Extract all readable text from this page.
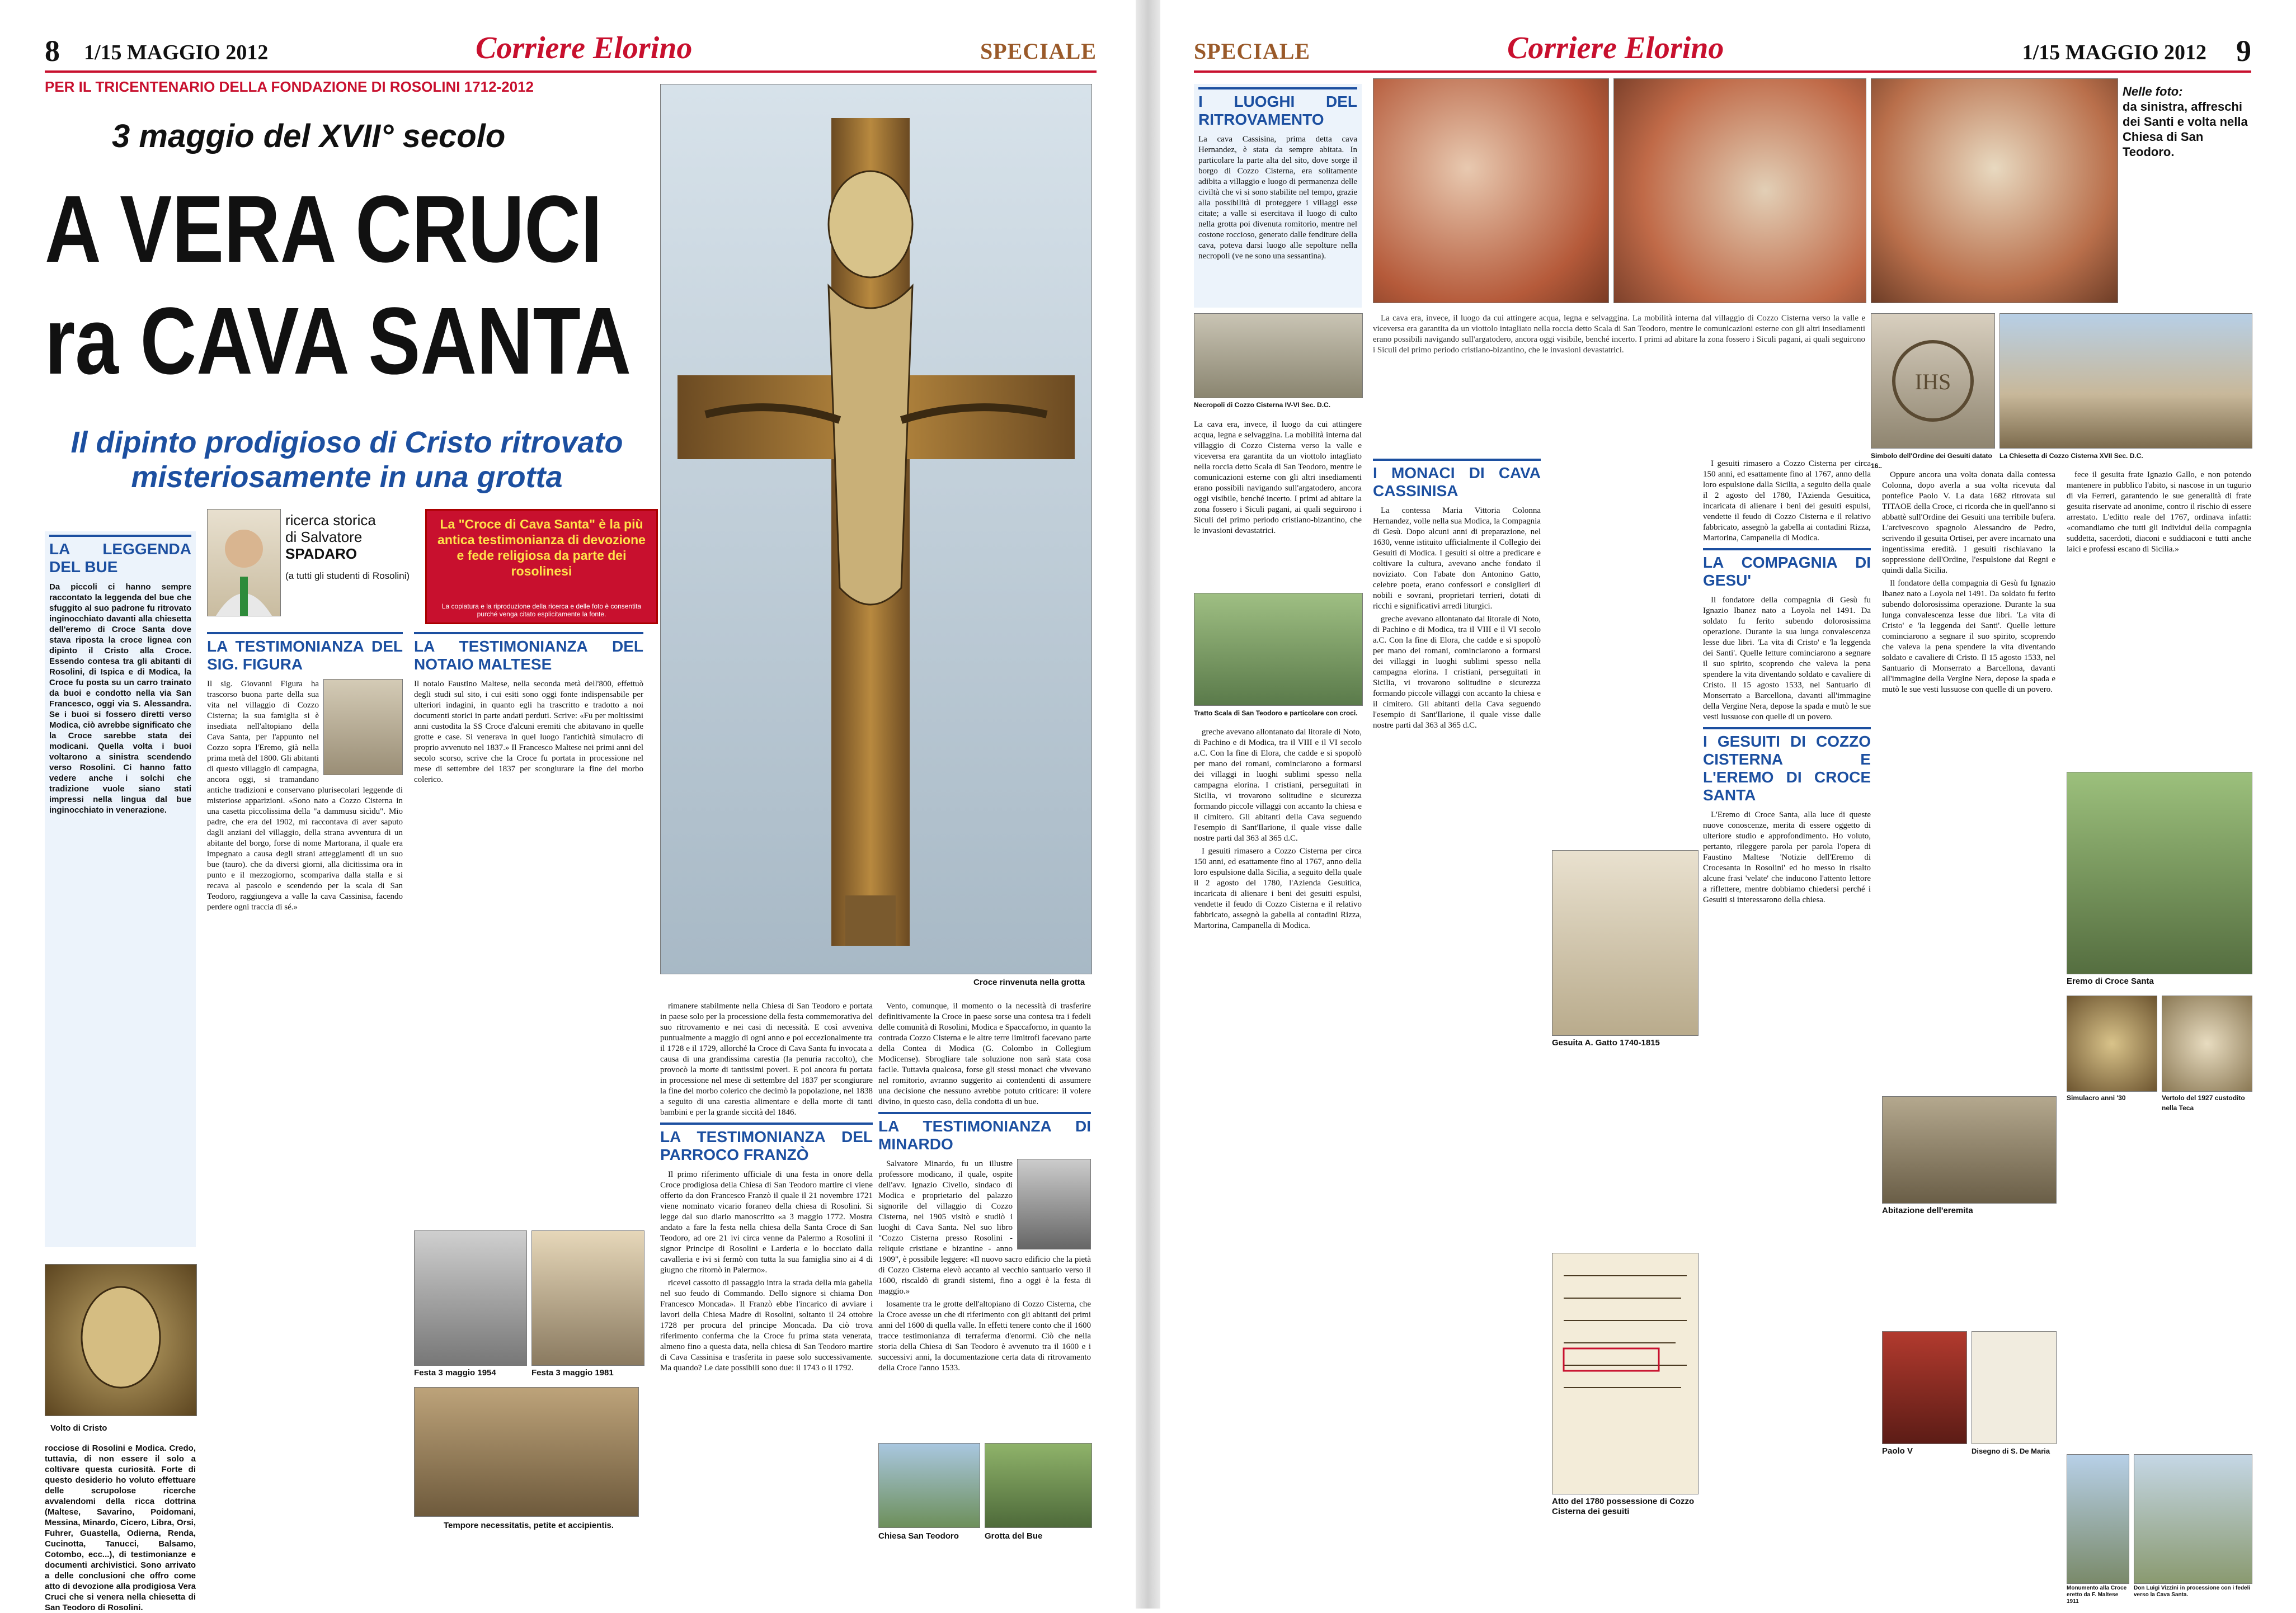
8 1/15 MAGGIO 2012	Corriere Elorino	SPECIALE
PER IL TRICENTENARIO DELLA FONDAZIONE DI ROSOLINI 1712-2012
3 maggio del XVII° secolo
A VERA CRUCI
ra CAVA SANTA
Il dipinto prodigioso di Cristo ritrovato
misteriosamente in una grotta
Croce rinvenuta nella grotta
ricerca storica
di Salvatore
SPADARO
(a tutti gli studenti di Rosolini)
La "Croce di Cava Santa" è la più antica testimonianza di devozione e fede religiosa da parte dei rosolinesi
La copiatura e la riproduzione della ricerca e delle foto è consentita purché venga citato esplicitamente la fonte.
LA LEGGENDA DEL BUE
Da piccoli ci hanno sempre raccontato la leggenda del bue che sfuggito al suo padrone fu ritrovato inginocchiato davanti alla chiesetta dell'eremo di Croce Santa dove stava riposta la croce lignea con dipinto il Cristo alla Croce. Essendo contesa tra gli abitanti di Rosolini, di Ispica e di Modica, la Croce fu posta su un carro trainato da buoi e condotto nella via San Francesco, oggi via S. Alessandra. Se i buoi si fossero diretti verso Modica, ciò avrebbe significato che la Croce sarebbe stata dei modicani. Quella volta i buoi voltarono a sinistra scendendo verso Rosolini. Ci hanno fatto vedere anche i solchi che tradizione vuole siano stati impressi nella lingua dal bue inginocchiato in venerazione.
Volto di Cristo
rocciose di Rosolini e Modica. Credo, tuttavia, di non essere il solo a coltivare questa curiosità. Forte di questo desiderio ho voluto effettuare delle scrupolose ricerche avvalendomi della ricca dottrina (Maltese, Savarino, Poidomani, Messina, Minardo, Cicero, Libra, Orsi, Fuhrer, Guastella, Odierna, Renda, Cucinotta, Tanucci, Balsamo, Cotombo, ecc...), di testimonianze e documenti archivistici. Sono arrivato a delle conclusioni che offro come atto di devozione alla prodigiosa Vera Cruci che si venera nella chiesetta di San Teodoro di Rosolini.
LA TESTIMONIANZA DEL SIG. FIGURA
Il sig. Giovanni Figura ha trascorso buona parte della sua vita nel villaggio di Cozzo Cisterna; la sua famiglia si è insediata nell'altopiano della Cava Santa, per l'appunto nel Cozzo sopra l'Eremo, già nella prima metà del 1800. Gli abitanti di questo villaggio di campagna, ancora oggi, si tramandano antiche tradizioni e conservano plurisecolari leggende di misteriose apparizioni. «Sono nato a Cozzo Cisterna in una casetta piccolissima della "a dammusu sicìdu". Mio padre, che era del 1902, mi raccontava di aver saputo dagli anziani del villaggio, della strana avventura di un abitante del borgo, forse di nome Martorana, il quale era impegnato a causa degli strani atteggiamenti di un suo bue (tauro). che da diversi giorni, alla dicitissima ora in punto e il mezzogiorno, scompariva dalla stalla e si recava al pascolo e scendendo per la scala di San Teodoro, raggiungeva a valle la cava Cassinisa, facendo perdere ogni traccia di sé.»
LA TESTIMONIANZA DEL NOTAIO MALTESE
Il notaio Faustino Maltese, nella seconda metà dell'800, effettuò degli studi sul sito, i cui esiti sono oggi fonte indispensabile per ulteriori indagini, in quanto egli ha trascritto e tradotto a noi documenti storici in parte andati perduti. Scrive: «Fu per moltissimi anni custodita la SS Croce d'alcuni eremiti che abitavano in quelle grotte e case. Si venerava in quel luogo l'antichità simulacro di proprio avvenuto nel 1837.» Il Francesco Maltese nei primi anni del secolo scorso, scrive che la Croce fu portata in processione nel mese di settembre del 1837 per scongiurare la fine del morbo colerico.
Festa 3 maggio 1954	Festa 3 maggio 1981
Tempore necessitatis, petite et accipientis.

rimanere stabilmente nella Chiesa di San Teodoro e portata in paese solo per la processione della festa commemorativa del suo ritrovamento e nei casi di necessità. E così avveniva puntualmente a maggio di ogni anno e poi eccezionalmente tra il 1728 e il 1729, allorché la Croce di Cava Santa fu invocata a causa di una grandissima carestia (la penuria raccolto), che provocò la morte di tantissimi poveri. E poi ancora fu portata in processione nel mese di settembre del 1837 per scongiurare la fine del morbo colerico che decimò la popolazione, nel 1838 a seguito di una carestia alimentare e della morte di tanti bambini e per la grande siccità del 1846.

LA TESTIMONIANZA DEL PARROCO FRANZÒ

Il primo riferimento ufficiale di una festa in onore della Croce prodigiosa della Chiesa di San Teodoro martire ci viene offerto da don Francesco Franzò il quale il 21 novembre 1721 viene nominato vicario foraneo della chiesa di Rosolini. Si legge dal suo diario manoscritto «a 3 maggio 1772. Mostra andato a fare la festa nella chiesa della Santa Croce di San Teodoro, ad ore 21 ivi circa venne da Palermo a Rosolini il signor Principe di Rosolini e Larderia e lo bocciato dalla cavalleria e ivi si fermò con tutta la sua famiglia sino ai 4 di giugno che ritornò in Palermo».

ricevei cassotto di passaggio intra la strada della mia gabella nel suo feudo di Commando. Dello signore si chiama Don Francesco Moncada». Il Franzò ebbe l'incarico di avviare i lavori della Chiesa Madre di Rosolini, soltanto il 24 ottobre 1728 per procura del principe Moncada. Da ciò trova riferimento conferma che la Croce fu prima stata venerata, almeno fino a questa data, nella chiesa di San Teodoro martire di Cava Cassinisa e trasferita in paese solo successivamente. Ma quando? Le date possibili sono due: il 1743 o il 1792.

Vento, comunque, il momento o la necessità di trasferire definitivamente la Croce in paese sorse una contesa tra i fedeli delle comunità di Rosolini, Modica e Spaccaforno, in quanto la contrada Cozzo Cisterna e le altre terre limitrofi facevano parte della Contea di Modica (G. Colombo in Collegium Modicense). Sbrogliare tale soluzione non sarà stata cosa facile. Tuttavia qualcosa, forse gli stessi monaci che vivevano nel romitorio, avranno suggerito ai contendenti di assumere una decisione che nessuno avrebbe potuto criticare: il volere divino, in questo caso, della condotta di un bue.

LA TESTIMONIANZA DI MINARDO

Salvatore Minardo, fu un illustre professore modicano, il quale, ospite dell'avv. Ignazio Civello, sindaco di Modica e proprietario del palazzo signorile del villaggio di Cozzo Cisterna, nel 1905 visitò e studiò i luoghi di Cava Santa. Nel suo libro "Cozzo Cisterna presso Rosolini - reliquie cristiane e bizantine - anno 1909", è possibile leggere: «Il nuovo sacro edificio che la pietà di Cozzo Cisterna elevò accanto al vecchio santuario verso il 1600, riscaldò di grandi sistemi, fino a oggi è la festa di maggio.»

losamente tra le grotte dell'altopiano di Cozzo Cisterna, che la Croce avesse un che di riferimento con gli abitanti dei primi anni del 1600 di quella valle. In effetti tenere conto che il 1600 tracce testimonianza di terraferma d'enormi. Ciò che nella storia della Chiesa di San Teodoro è avvenuto tra il 1600 e i successivi anni, la documentazione certa data di ritrovamento della Croce l'anno 1533.

Chiesa San Teodoro	Grotta del Bue
SPECIALE	Corriere Elorino	1/15 MAGGIO 2012 9
Nelle foto:
da sinistra, affreschi dei Santi e volta nella Chiesa di San Teodoro.
I LUOGHI DEL RITROVAMENTO
La cava Cassisina, prima detta cava Hernandez, è stata da sempre abitata. In particolare la parte alta del sito, dove sorge il borgo di Cozzo Cisterna, era solitamente adibita a villaggio e luogo di permanenza delle civiltà che vi si sono stabilite nel tempo, grazie alla possibilità di proteggere i villaggi esse citate; a valle si esercitava il luogo di culto nella grotta poi divenuta romitorio, mentre nel costone roccioso, generato dalle fenditure della cava, poteva darsi luogo alle sepolture nella necropoli (ve ne sono una sessantina).
Necropoli di Cozzo Cisterna IV-VI Sec. D.C.
La cava era, invece, il luogo da cui attingere acqua, legna e selvaggina. La mobilità interna dal villaggio di Cozzo Cisterna verso la valle e viceversa era garantita da un viottolo intagliato nella roccia detto Scala di San Teodoro, mentre le comunicazioni esterne con gli altri insediamenti erano possibili navigando sull'argatodero, ancora oggi visibile, benché incerto. I primi ad abitare la zona fossero i Siculi pagani, ai quali seguirono i Siculi del primo periodo cristiano-bizantino, che le invasioni devastatrici.
Tratto Scala di San Teodoro e particolare con croci.

La cava era, invece, il luogo da cui attingere acqua, legna e selvaggina. La mobilità interna dal villaggio di Cozzo Cisterna verso la valle e viceversa era garantita da un viottolo intagliato nella roccia detto Scala di San Teodoro, mentre le comunicazioni esterne con gli altri insediamenti erano possibili navigando sull'argatodero, ancora oggi visibile, benché incerto. I primi ad abitare la zona fossero i Siculi pagani, ai quali seguirono i Siculi del primo periodo cristiano-bizantino, che le invasioni devastatrici.

IHS
Simbolo dell'Ordine dei Gesuiti datato 16..
La Chiesetta di Cozzo Cisterna XVII Sec. D.C.
I MONACI DI CAVA CASSINISA

La contessa Maria Vittoria Colonna Hernandez, volle nella sua Modica, la Compagnia di Gesù. Dopo alcuni anni di preparazione, nel 1630, venne istituito ufficialmente il Collegio dei Gesuiti di Modica. I gesuiti si oltre a predicare e coltivare la cultura, avevano anche fondato il noviziato. Con l'abate don Antonino Gatto, celebre poeta, erano confessori e consiglieri di nobili e sovrani, proprietari terrieri, dotati di ricchi e significativi arredi liturgici.

greche avevano allontanato dal litorale di Noto, di Pachino e di Modica, tra il VIII e il VI secolo a.C. Con la fine di Elora, che cadde e si spopolò per mano dei romani, cominciarono a formarsi dei villaggi in luoghi sublimi spesso nella campagna elorina. I cristiani, perseguitati in Sicilia, vi trovarono solitudine e sicurezza formando piccole villaggi con accanto la chiesa e il cimitero. Gli abitanti della Cava seguendo l'esempio di Sant'Ilarione, il quale visse dalle nostre parti dal 363 al 365 d.C.

greche avevano allontanato dal litorale di Noto, di Pachino e di Modica, tra il VIII e il VI secolo a.C. Con la fine di Elora, che cadde e si spopolò per mano dei romani, cominciarono a formarsi dei villaggi in luoghi sublimi spesso nella campagna elorina. I cristiani, perseguitati in Sicilia, vi trovarono solitudine e sicurezza formando piccole villaggi con accanto la chiesa e il cimitero. Gli abitanti della Cava seguendo l'esempio di Sant'Ilarione, il quale visse dalle nostre parti dal 363 al 365 d.C.

I gesuiti rimasero a Cozzo Cisterna per circa 150 anni, ed esattamente fino al 1767, anno della loro espulsione dalla Sicilia, a seguito della quale il 2 agosto del 1780, l'Azienda Gesuitica, incaricata di alienare i beni dei gesuiti espulsi, vendette il feudo di Cozzo Cisterna e il relativo fabbricato, assegnò la gabella ai contadini Rizza, Martorina, Campanella di Modica.

Gesuita A. Gatto 1740-1815
Atto del 1780 possessione di Cozzo Cisterna dei gesuiti

I gesuiti rimasero a Cozzo Cisterna per circa 150 anni, ed esattamente fino al 1767, anno della loro espulsione dalla Sicilia, a seguito della quale il 2 agosto del 1780, l'Azienda Gesuitica, incaricata di alienare i beni dei gesuiti espulsi, vendette il feudo di Cozzo Cisterna e il relativo fabbricato, assegnò la gabella ai contadini Rizza, Martorina, Campanella di Modica.

LA COMPAGNIA DI GESU'

Il fondatore della compagnia di Gesù fu Ignazio Ibanez nato a Loyola nel 1491. Da soldato fu ferito subendo dolorosissima operazione. Durante la sua lunga convalescenza lesse due libri. 'La vita di Cristo' e 'la leggenda dei Santi'. Quelle letture cominciarono a segnare il suo spirito, scoprendo che valeva la pena spendere la vita diventando soldato e cavaliere di Cristo. Il 15 agosto 1533, nel Santuario di Monserrato a Barcellona, davanti all'immagine della Vergine Nera, depose la spada e mutò le sue vesti lussuose con quelle di un povero.

I GESUITI DI COZZO CISTERNA E L'EREMO DI CROCE SANTA

L'Eremo di Croce Santa, alla luce di queste nuove conoscenze, merita di essere oggetto di ulteriore studio e approfondimento. Ho voluto, pertanto, rileggere parola per parola l'opera di Faustino Maltese 'Notizie dell'Eremo di Crocesanta in Rosolini' ed ho messo in risalto alcune frasi 'velate' che inducono l'attento lettore a riflettere, mentre dobbiamo chiedersi perché i Gesuiti si interessarono della chiesa.

Oppure ancora una volta donata dalla contessa Colonna, dopo averla a sua volta ricevuta dal pontefice Paolo V. La data 1682 ritrovata sul TITAOE della Croce, ci ricorda che in quell'anno si abbattè sull'Ordine dei Gesuiti una terribile bufera. L'arcivescovo spagnolo Alessandro de Pedro, scrivendo il gesuita Ortisei, per avere incarnato una ingentissima eredità. I gesuiti rischiavano la soppressione dell'Ordine, l'espulsione dai Regni e quindi dalla Sicilia.

Il fondatore della compagnia di Gesù fu Ignazio Ibanez nato a Loyola nel 1491. Da soldato fu ferito subendo dolorosissima operazione. Durante la sua lunga convalescenza lesse due libri. 'La vita di Cristo' e 'la leggenda dei Santi'. Quelle letture cominciarono a segnare il suo spirito, scoprendo che valeva la pena spendere la vita diventando soldato e cavaliere di Cristo. Il 15 agosto 1533, nel Santuario di Monserrato a Barcellona, davanti all'immagine della Vergine Nera, depose la spada e mutò le sue vesti lussuose con quelle di un povero.

Eremo di Croce Santa

fece il gesuita frate Ignazio Gallo, e non potendo mantenere in pubblico l'abito, si nascose in un tugurio di via Ferreri, garantendo le sue generalità di frate gesuita riservate ad anonime, contro il rischio di essere arrestato. L'editto reale del 1767, ordinava infatti: «comandiamo che tutti gli individui della compagnia suddetta, sacerdoti, diaconi e suddiaconi e tutti anche laici e professi escano di Sicilia.»

Simulacro anni '30	Vertolo del 1927 custodito nella Teca
Abitazione dell'eremita
Paolo V	Disegno di S. De Maria
Monumento alla Croce eretto da F. Maltese 1911
Don Luigi Vizzini in processione con i fedeli verso la Cava Santa.
